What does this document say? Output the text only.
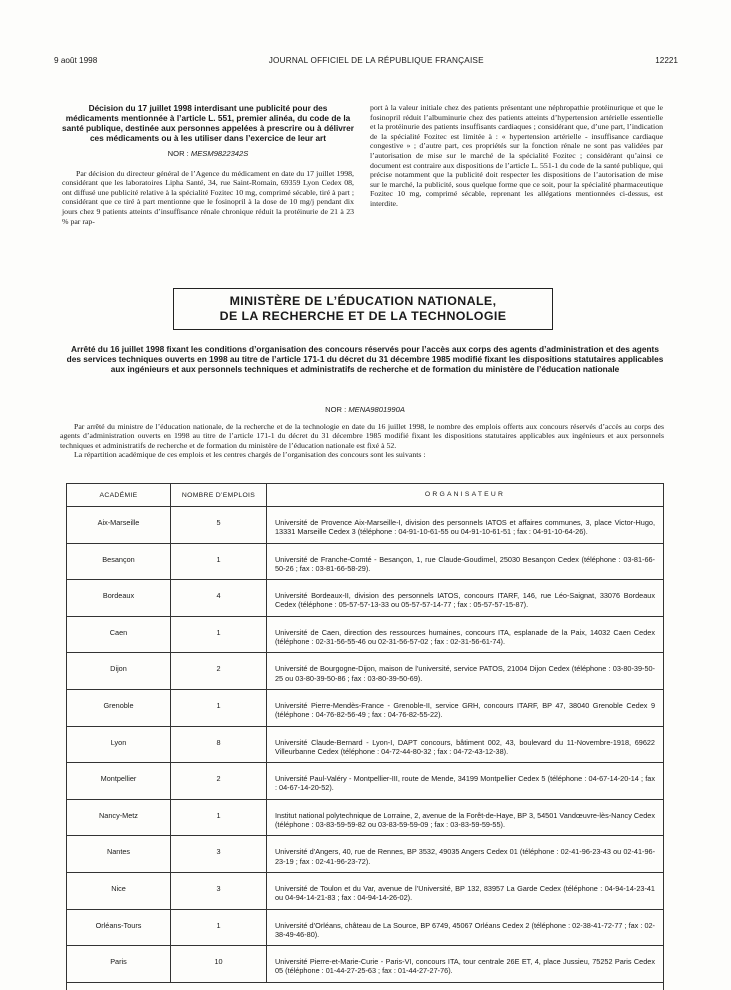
9 août 1998	JOURNAL OFFICIEL DE LA RÉPUBLIQUE FRANÇAISE	12221
Décision du 17 juillet 1998 interdisant une publicité pour des médicaments mentionnée à l’article L. 551, premier alinéa, du code de la santé publique, destinée aux personnes appelées à prescrire ou à délivrer ces médicaments ou à les utiliser dans l’exercice de leur art
NOR : MESM9822342S

Par décision du directeur général de l’Agence du médicament en date du 17 juillet 1998, considérant que les laboratoires Lipha Santé, 34, rue Saint-Romain, 69359 Lyon Cedex 08, ont diffusé une publicité relative à la spécialité Fozitec 10 mg, comprimé sécable, tiré à part ; considérant que ce tiré à part mentionne que le fosinopril à la dose de 10 mg/j pendant dix jours chez 9 patients atteints d’insuffisance rénale chronique réduit la protéinurie de 21 à 23 % par rap-

port à la valeur initiale chez des patients présentant une néphropathie protéinurique et que le fosinopril réduit l’albuminurie chez des patients atteints d’hypertension artérielle essentielle et la protéinurie des patients insuffisants cardiaques ; considérant que, d’une part, l’indication de la spécialité Fozitec est limitée à : « hypertension artérielle - insuffisance cardiaque congestive » ; d’autre part, ces propriétés sur la fonction rénale ne sont pas validées par l’autorisation de mise sur le marché de la spécialité Fozitec ; considérant qu’ainsi ce document est contraire aux dispositions de l’article L. 551-1 du code de la santé publique, qui précise notamment que la publicité doit respecter les dispositions de l’autorisation de mise sur le marché, la publicité, sous quelque forme que ce soit, pour la spécialité pharmaceutique Fozitec 10 mg, comprimé sécable, reprenant les allégations mentionnées ci-dessus, est interdite.

MINISTÈRE DE L’ÉDUCATION NATIONALE,
DE LA RECHERCHE ET DE LA TECHNOLOGIE
Arrêté du 16 juillet 1998 fixant les conditions d’organisation des concours réservés pour l’accès aux corps des agents d’administration et des agents des services techniques ouverts en 1998 au titre de l’article 171-1 du décret du 31 décembre 1985 modifié fixant les dispositions statutaires applicables aux ingénieurs et aux personnels techniques et administratifs de recherche et de formation du ministère de l’éducation nationale
NOR : MENA9801990A

Par arrêté du ministre de l’éducation nationale, de la recherche et de la technologie en date du 16 juillet 1998, le nombre des emplois offerts aux concours réservés d’accès au corps des agents d’administration ouverts en 1998 au titre de l’article 171-1 du décret du 31 décembre 1985 modifié fixant les dispositions statutaires applicables aux ingénieurs et aux personnels techniques et administratifs de recherche et de formation du ministère de l’éducation nationale est fixé à 52.

La répartition académique de ces emplois et les centres chargés de l’organisation des concours sont les suivants :

ACADÉMIE	NOMBRE D’EMPLOIS	ORGANISATEUR
Aix-Marseille	5	Université de Provence Aix-Marseille-I, division des personnels IATOS et affaires communes, 3, place Victor-Hugo, 13331 Marseille Cedex 3 (téléphone : 04-91-10-61-55 ou 04-91-10-61-51 ; fax : 04-91-10-64-26).
Besançon	1	Université de Franche-Comté - Besançon, 1, rue Claude-Goudimel, 25030 Besançon Cedex (téléphone : 03-81-66-50-26 ; fax : 03-81-66-58-29).
Bordeaux	4	Université Bordeaux-II, division des personnels IATOS, concours ITARF, 146, rue Léo-Saignat, 33076 Bordeaux Cedex (téléphone : 05-57-57-13-33 ou 05-57-57-14-77 ; fax : 05-57-57-15-87).
Caen	1	Université de Caen, direction des ressources humaines, concours ITA, esplanade de la Paix, 14032 Caen Cedex (téléphone : 02-31-56-55-46 ou 02-31-56-57-02 ; fax : 02-31-56-61-74).
Dijon	2	Université de Bourgogne-Dijon, maison de l’université, service PATOS, 21004 Dijon Cedex (téléphone : 03-80-39-50-25 ou 03-80-39-50-86 ; fax : 03-80-39-50-69).
Grenoble	1	Université Pierre-Mendès-France - Grenoble-II, service GRH, concours ITARF, BP 47, 38040 Grenoble Cedex 9 (téléphone : 04-76-82-56-49 ; fax : 04-76-82-55-22).
Lyon	8	Université Claude-Bernard - Lyon-I, DAPT concours, bâtiment 002, 43, boulevard du 11-Novembre-1918, 69622 Villeurbanne Cedex (téléphone : 04-72-44-80-32 ; fax : 04-72-43-12-38).
Montpellier	2	Université Paul-Valéry - Montpellier-III, route de Mende, 34199 Montpellier Cedex 5 (téléphone : 04-67-14-20-14 ; fax : 04-67-14-20-52).
Nancy-Metz	1	Institut national polytechnique de Lorraine, 2, avenue de la Forêt-de-Haye, BP 3, 54501 Vandœuvre-lès-Nancy Cedex (téléphone : 03-83-59-59-82 ou 03-83-59-59-09 ; fax : 03-83-59-59-55).
Nantes	3	Université d’Angers, 40, rue de Rennes, BP 3532, 49035 Angers Cedex 01 (téléphone : 02-41-96-23-43 ou 02-41-96-23-19 ; fax : 02-41-96-23-72).
Nice	3	Université de Toulon et du Var, avenue de l’Université, BP 132, 83957 La Garde Cedex (téléphone : 04-94-14-23-41 ou 04-94-14-21-83 ; fax : 04-94-14-26-02).
Orléans-Tours	1	Université d’Orléans, château de La Source, BP 6749, 45067 Orléans Cedex 2 (téléphone : 02-38-41-72-77 ; fax : 02-38-49-46-80).
Paris	10	Université Pierre-et-Marie-Curie - Paris-VI, concours ITA, tour centrale 26E ET, 4, place Jussieu, 75252 Paris Cedex 05 (téléphone : 01-44-27-25-63 ; fax : 01-44-27-27-76).
